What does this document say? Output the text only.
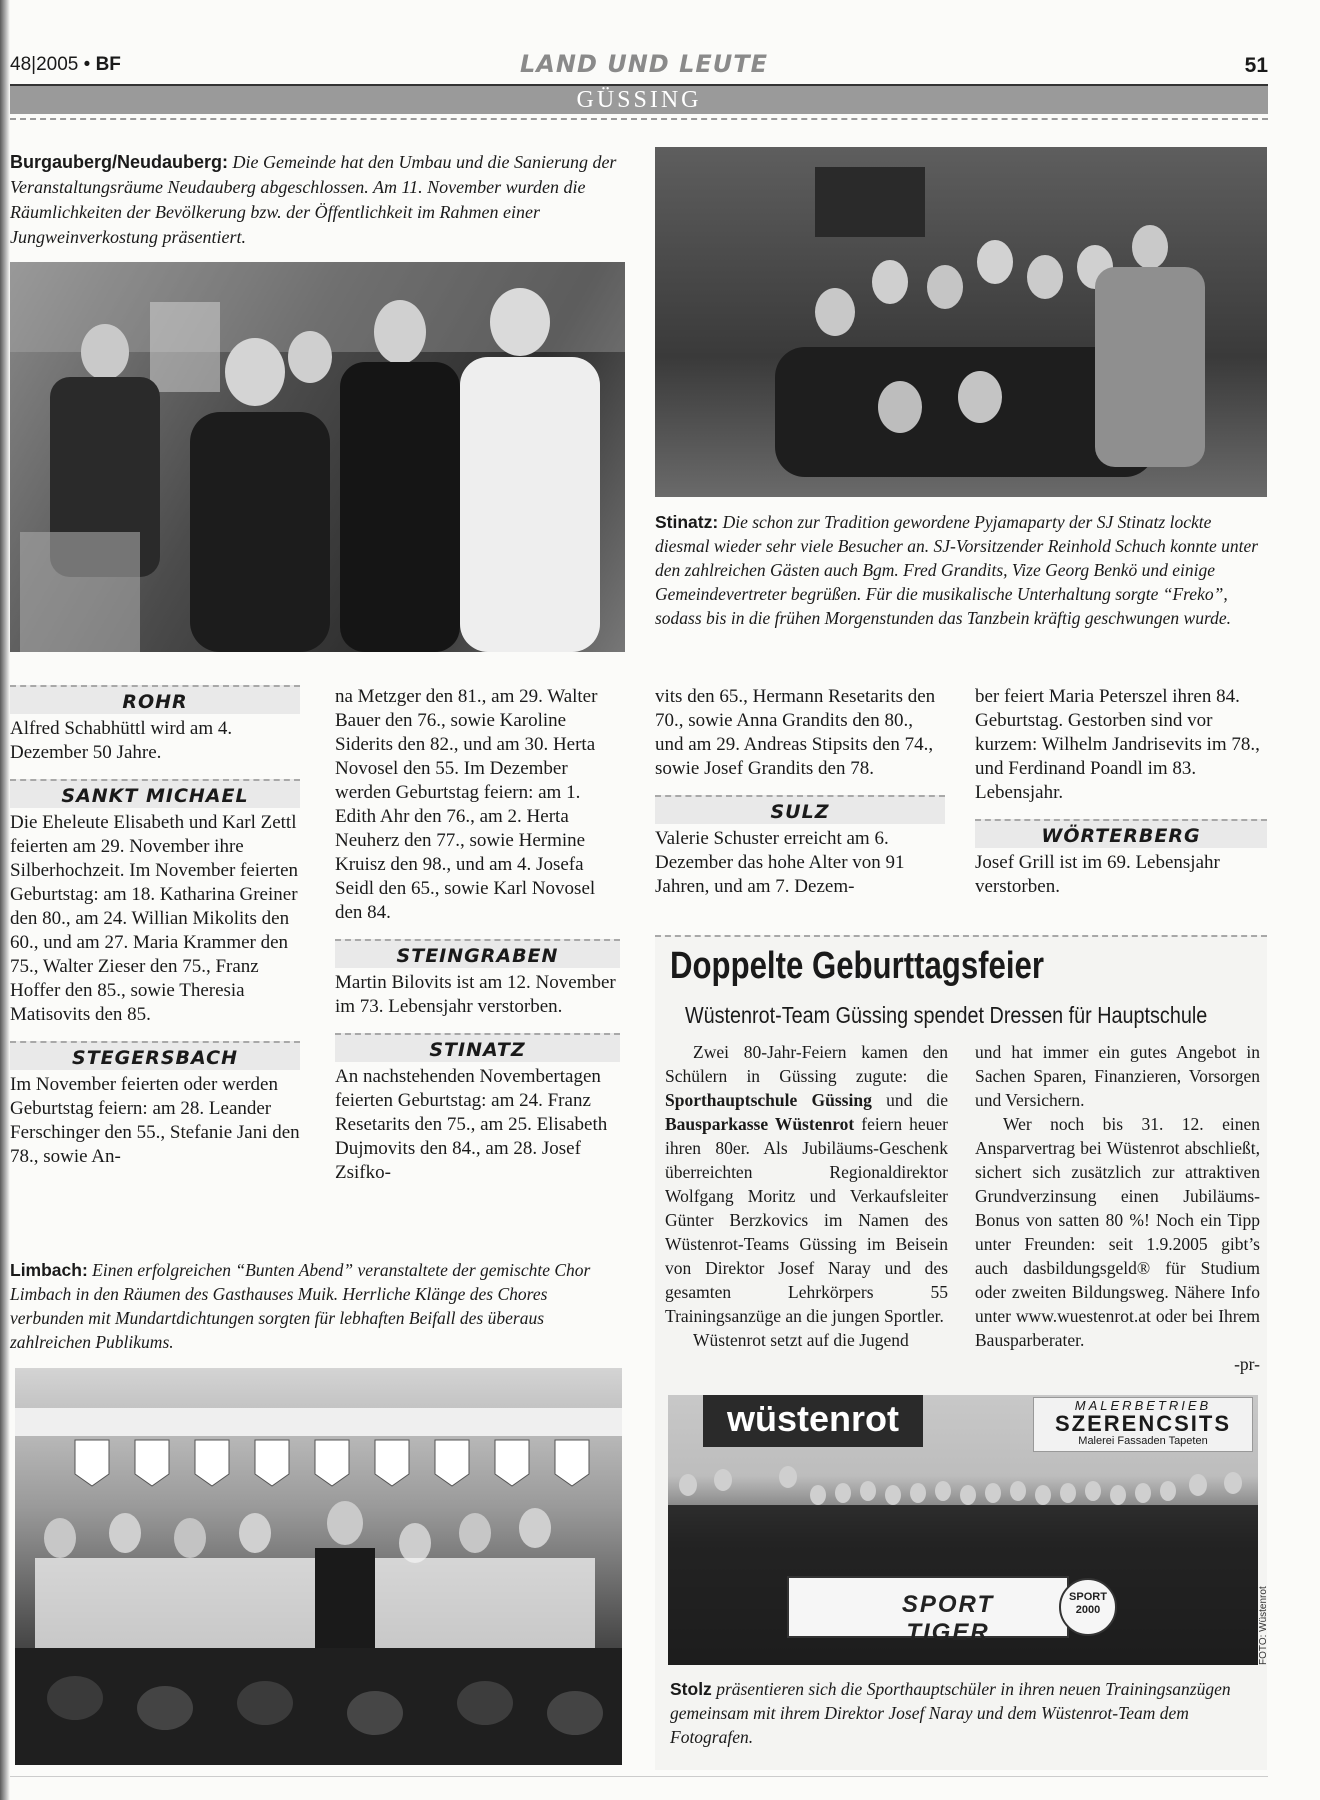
48|2005 • BF	LAND UND LEUTE	51
GÜSSING
Burgauberg/Neudauberg: Die Gemeinde hat den Umbau und die Sanierung der Veranstaltungsräume Neudauberg abgeschlossen. Am 11. November wurden die Räumlichkeiten der Bevölkerung bzw. der Öffentlichkeit im Rahmen einer Jungweinverkostung präsentiert.
Stinatz: Die schon zur Tradition gewordene Pyjamaparty der SJ Stinatz lockte diesmal wieder sehr viele Besucher an. SJ-Vorsitzender Reinhold Schuch konnte unter den zahlreichen Gästen auch Bgm. Fred Grandits, Vize Georg Benkö und einige Gemeindevertreter begrüßen. Für die musikalische Unterhaltung sorgte “Freko”, sodass bis in die frühen Morgenstunden das Tanzbein kräftig geschwungen wurde.
ROHR

Alfred Schabhüttl wird am 4. Dezember 50 Jahre.

SANKT MICHAEL

Die Eheleute Elisabeth und Karl Zettl feierten am 29. November ihre Silberhochzeit. Im November feierten Geburtstag: am 18. Katharina Greiner den 80., am 24. Willian Mikolits den 60., und am 27. Maria Krammer den 75., Walter Zieser den 75., Franz Hoffer den 85., sowie Theresia Matisovits den 85.

STEGERSBACH

Im November feierten oder werden Geburtstag feiern: am 28. Leander Ferschinger den 55., Stefanie Jani den 78., sowie An-

na Metzger den 81., am 29. Walter Bauer den 76., sowie Karoline Siderits den 82., und am 30. Herta Novosel den 55. Im Dezember werden Geburtstag feiern: am 1. Edith Ahr den 76., am 2. Herta Neuherz den 77., sowie Hermine Kruisz den 98., und am 4. Josefa Seidl den 65., sowie Karl Novosel den 84.

STEINGRABEN

Martin Bilovits ist am 12. November im 73. Lebensjahr verstorben.

STINATZ

An nachstehenden Novembertagen feierten Geburtstag: am 24. Franz Resetarits den 75., am 25. Elisabeth Dujmovits den 84., am 28. Josef Zsifko-

vits den 65., Hermann Resetarits den 70., sowie Anna Grandits den 80., und am 29. Andreas Stipsits den 74., sowie Josef Grandits den 78.

SULZ

Valerie Schuster erreicht am 6. Dezember das hohe Alter von 91 Jahren, und am 7. Dezem-

ber feiert Maria Peterszel ihren 84. Geburtstag. Gestorben sind vor kurzem: Wilhelm Jandrisevits im 78., und Ferdinand Poandl im 83. Lebensjahr.

WÖRTERBERG

Josef Grill ist im 69. Lebensjahr verstorben.

Limbach: Einen erfolgreichen “Bunten Abend” veranstaltete der gemischte Chor Limbach in den Räumen des Gasthauses Muik. Herrliche Klänge des Chores verbunden mit Mundartdichtungen sorgten für lebhaften Beifall des überaus zahlreichen Publikums.
Doppelte Geburttagsfeier
Wüstenrot-Team Güssing spendet Dressen für Hauptschule
Zwei 80-Jahr-Feiern kamen den Schülern in Güssing zugute: die Sporthauptschule Güssing und die Bausparkasse Wüstenrot feiern heuer ihren 80er. Als Jubiläums-Geschenk überreichten Regionaldirektor Wolfgang Moritz und Verkaufsleiter Günter Berzkovics im Namen des Wüstenrot-Teams Güssing im Beisein von Direktor Josef Naray und des gesamten Lehrkörpers 55 Trainingsanzüge an die jungen Sportler.
Wüstenrot setzt auf die Jugend
und hat immer ein gutes Angebot in Sachen Sparen, Finanzieren, Vorsorgen und Versichern.
Wer noch bis 31. 12. einen Ansparvertrag bei Wüstenrot abschließt, sichert sich zusätzlich zur attraktiven Grundverzinsung einen Jubiläums-Bonus von satten 80 %! Noch ein Tipp unter Freunden: seit 1.9.2005 gibt’s auch dasbildungsgeld® für Studium oder zweiten Bildungsweg. Nähere Info unter www.wuestenrot.at oder bei Ihrem Bausparberater.
-pr-
wüstenrot	MALERBETRIEB
SZERENCSITS
Malerei Fassaden Tapeten
SPORT TIGER
SPORT
2000	FOTO: Wüstenrot
Stolz präsentieren sich die Sporthauptschüler in ihren neuen Trainingsanzügen gemeinsam mit ihrem Direktor Josef Naray und dem Wüstenrot-Team dem Fotografen.
